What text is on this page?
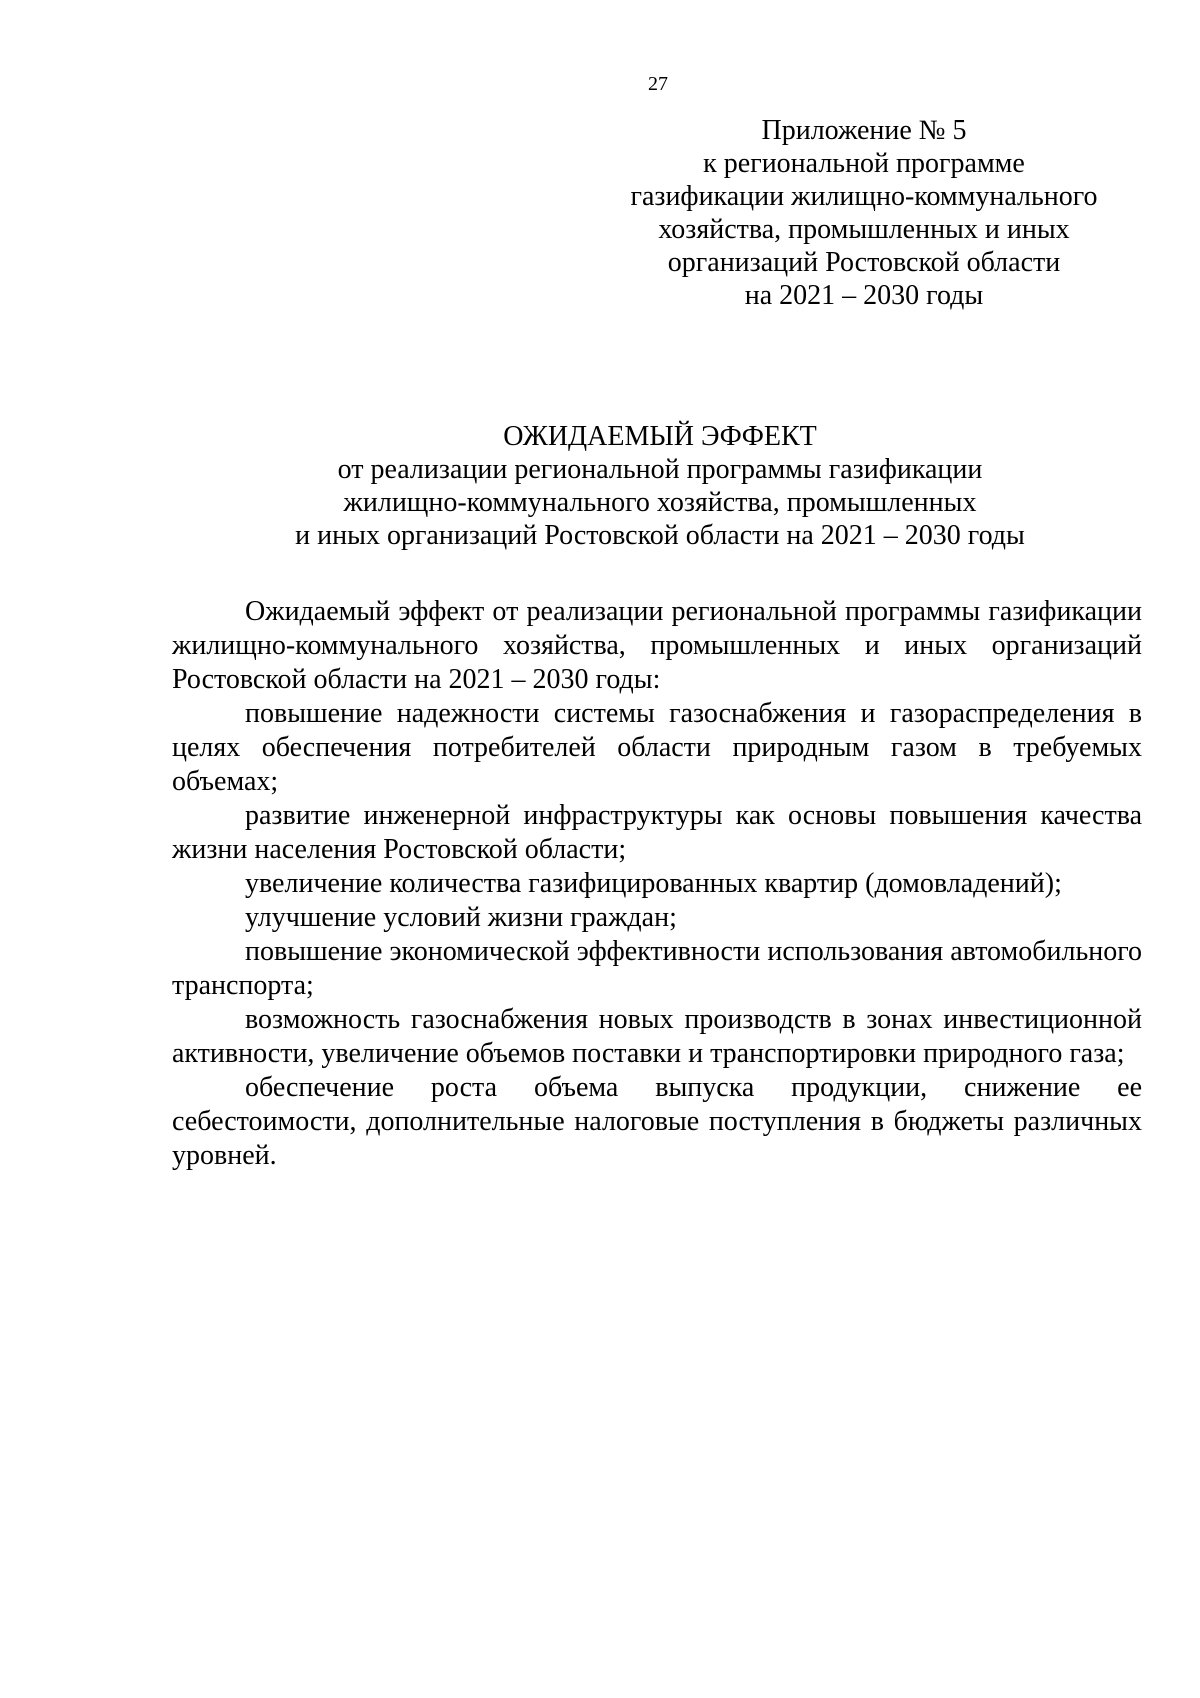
27
Приложение № 5
к региональной программе
газификации жилищно-коммунального
хозяйства, промышленных и иных
организаций Ростовской области
на 2021 – 2030 годы
ОЖИДАЕМЫЙ ЭФФЕКТ
от реализации региональной программы газификации
жилищно-коммунального хозяйства, промышленных
и иных организаций Ростовской области на 2021 – 2030 годы

Ожидаемый эффект от реализации региональной программы газификации жилищно-коммунального хозяйства, промышленных и иных организаций Ростовской области на 2021 – 2030 годы:

повышение надежности системы газоснабжения и газораспределения в целях обеспечения потребителей области природным газом в требуемых объемах;

развитие инженерной инфраструктуры как основы повышения качества жизни населения Ростовской области;

увеличение количества газифицированных квартир (домовладений);

улучшение условий жизни граждан;

повышение экономической эффективности использования автомобильного транспорта;

возможность газоснабжения новых производств в зонах инвестиционной активности, увеличение объемов поставки и транспортировки природного газа;

обеспечение роста объема выпуска продукции, снижение ее себестоимости, дополнительные налоговые поступления в бюджеты различных уровней.
